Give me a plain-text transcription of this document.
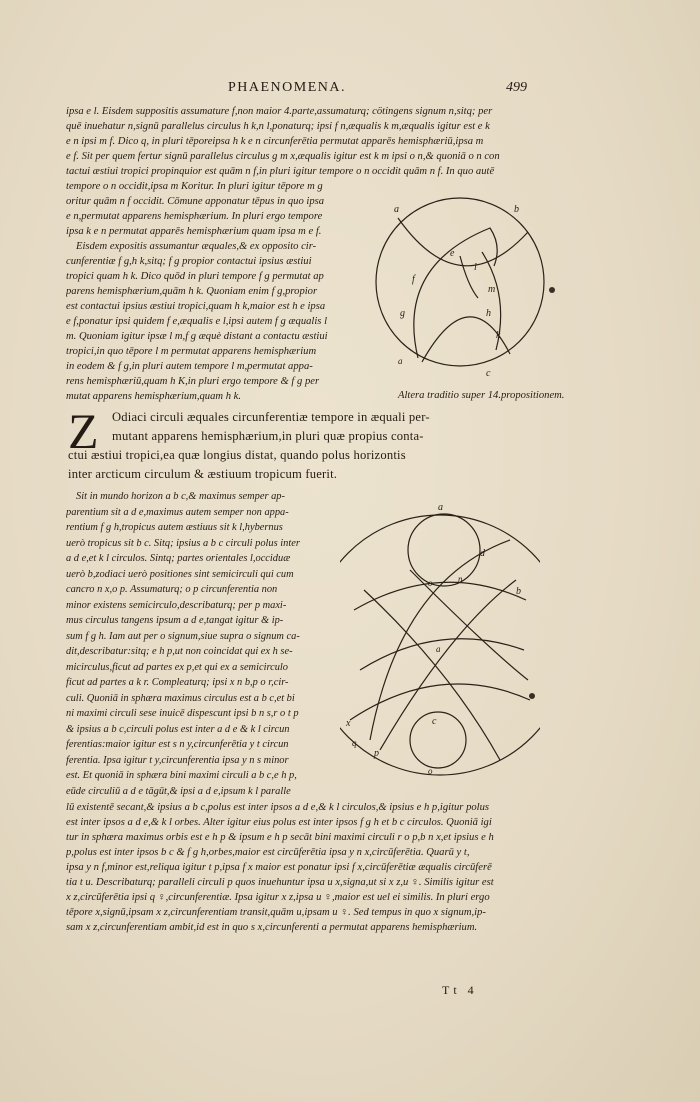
PHAENOMENA.	499
ipsa e l. Eisdem suppositis assumature f,non maior 4.parte,assumaturq; cötingens signum n,sitq; per
quē inuehatur n,signū parallelus circulus h k,n l,ponaturq; ipsi f n,æqualis k m,æqualis igitur est e k
e n ipsi m f. Dico q, in pluri tēporeipsa h k e n circunferētia permutat apparēs hemisphæriū,ipsa m
e f. Sit per quem fertur signū parallelus circulus g m x,æqualis igitur est k m ipsi o n,& quoniā o n con
tactui æstiui tropici propinquior est quām n f,in pluri igitur tempore o n occidit quām n f. In quo autē
tempore o n occidit,ipsa m Koritur. In pluri igitur tēpore m g
oritur quām n f occidit. Cōmune apponatur tēpus in quo ipsa
e n,permutat apparens hemisphærium. In pluri ergo tempore
ipsa k e n permutat apparēs hemisphærium quam ipsa m e f.
Eisdem expositis assumantur æquales,& ex opposito cir-
cunferentiæ f g,h k,sitq; f g propior contactui ipsius æstiui
tropici quam h k. Dico quōd in pluri tempore f g permutat ap
parens hemisphærium,quām h k. Quoniam enim f g,propior
est contactui ipsius æstiui tropici,quam h k,maior est h e ipsa
e f,ponatur ipsi quidem f e,æqualis e l,ipsi autem f g æqualis l
m. Quoniam igitur ipsæ l m,f g æquè distant a contactu æstiui
tropici,in quo tēpore l m permutat apparens hemisphærium
in eodem & f g,in pluri autem tempore l m,permutat appa-
rens hemisphæriū,quam h K,in pluri ergo tempore & f g per
mutat apparens hemisphærium,quam h k.	Altera traditio super 14.propositionem.
Z Odiaci circuli æquales circunferentiæ tempore in æquali per-
mutant apparens hemisphærium,in pluri quæ propius conta-
ctui æstiui tropici,ea quæ longius distat, quando polus horizontis
inter arcticum circulum & æstiuum tropicum fuerit.
Sit in mundo horizon a b c,& maximus semper ap-
parentium sit a d e,maximus autem semper non appa-
rentium f g h,tropicus autem æstiuus sit k l,hybernus
uerò tropicus sit b c. Sitq; ipsius a b c circuli polus inter
a d e,et k l circulos. Sintq; partes orientales l,occiduæ
uerò b,zodiaci uerò positiones sint semicirculi qui cum
cancro n x,o p. Assumaturq; o p circunferentia non
minor existens semicirculo,describaturq; per p maxi-
mus circulus tangens ipsum a d e,tangat igitur & ip-
sum f g h. Iam aut per o signum,siue supra o signum ca-
dit,describatur:sitq; e h p,ut non coincidat qui ex h se-
micirculus,ficut ad partes ex p,et qui ex a semicirculo
ficut ad partes a k r. Compleaturq; ipsi x n b,p o r,cir-
culi. Quoniā in sphæra maximus circulus est a b c,et bi
ni maximi circuli sese inuicē dispescunt ipsi b n s,r o t p
& ipsius a b c,circuli polus est inter a d e & k l circun
ferentias:maior igitur est s n y,circunferētia y t circun
ferentia. Ipsa igitur t y,circunferentia ipsa y n s minor
est. Et quoniā in sphæra bini maximi circuli a b c,e h p,
eūde circuliū a d e tāgūt,& ipsi a d e,ipsum k l paralle
lū existentē secant,& ipsius a b c,polus est inter ipsos a d e,& k l circulos,& ipsius e h p,igitur polus
est inter ipsos a d e,& k l orbes. Alter igitur eius polus est inter ipsos f g h et b c circulos. Quoniā igi
tur in sphæra maximus orbis est e h p & ipsum e h p secāt bini maximi circuli r o p,b n x,et ipsius e h
p,polus est inter ipsos b c & f g h,orbes,maior est circūferētia ipsa y n x,circūferētia. Quarū y t,
ipsa y n f,minor est,reliqua igitur t p,ipsa f x maior est ponatur ipsi f x,circūferētiæ æqualis circūferē
tia t u. Describaturq; paralleli circuli p quos inuehuntur ipsa u x,signa,ut si x z,u ♀. Similis igitur est
x z,circūferētia ipsi q ♀,circunferentiæ. Ipsa igitur x z,ipsa u ♀,maior est uel ei similis. In pluri ergo
tēpore x,signū,ipsam x z,circunferentiam transit,quām u,ipsam u ♀. Sed tempus in quo x signum,ip-
sam x z,circunferentiam ambit,id est in quo s x,circunferenti a permutat apparens hemisphærium.
Tt 4
a	b
e
f
g
l
m
k
h
c
a
a
d
n
o
x	c
b
p
q
o
a
